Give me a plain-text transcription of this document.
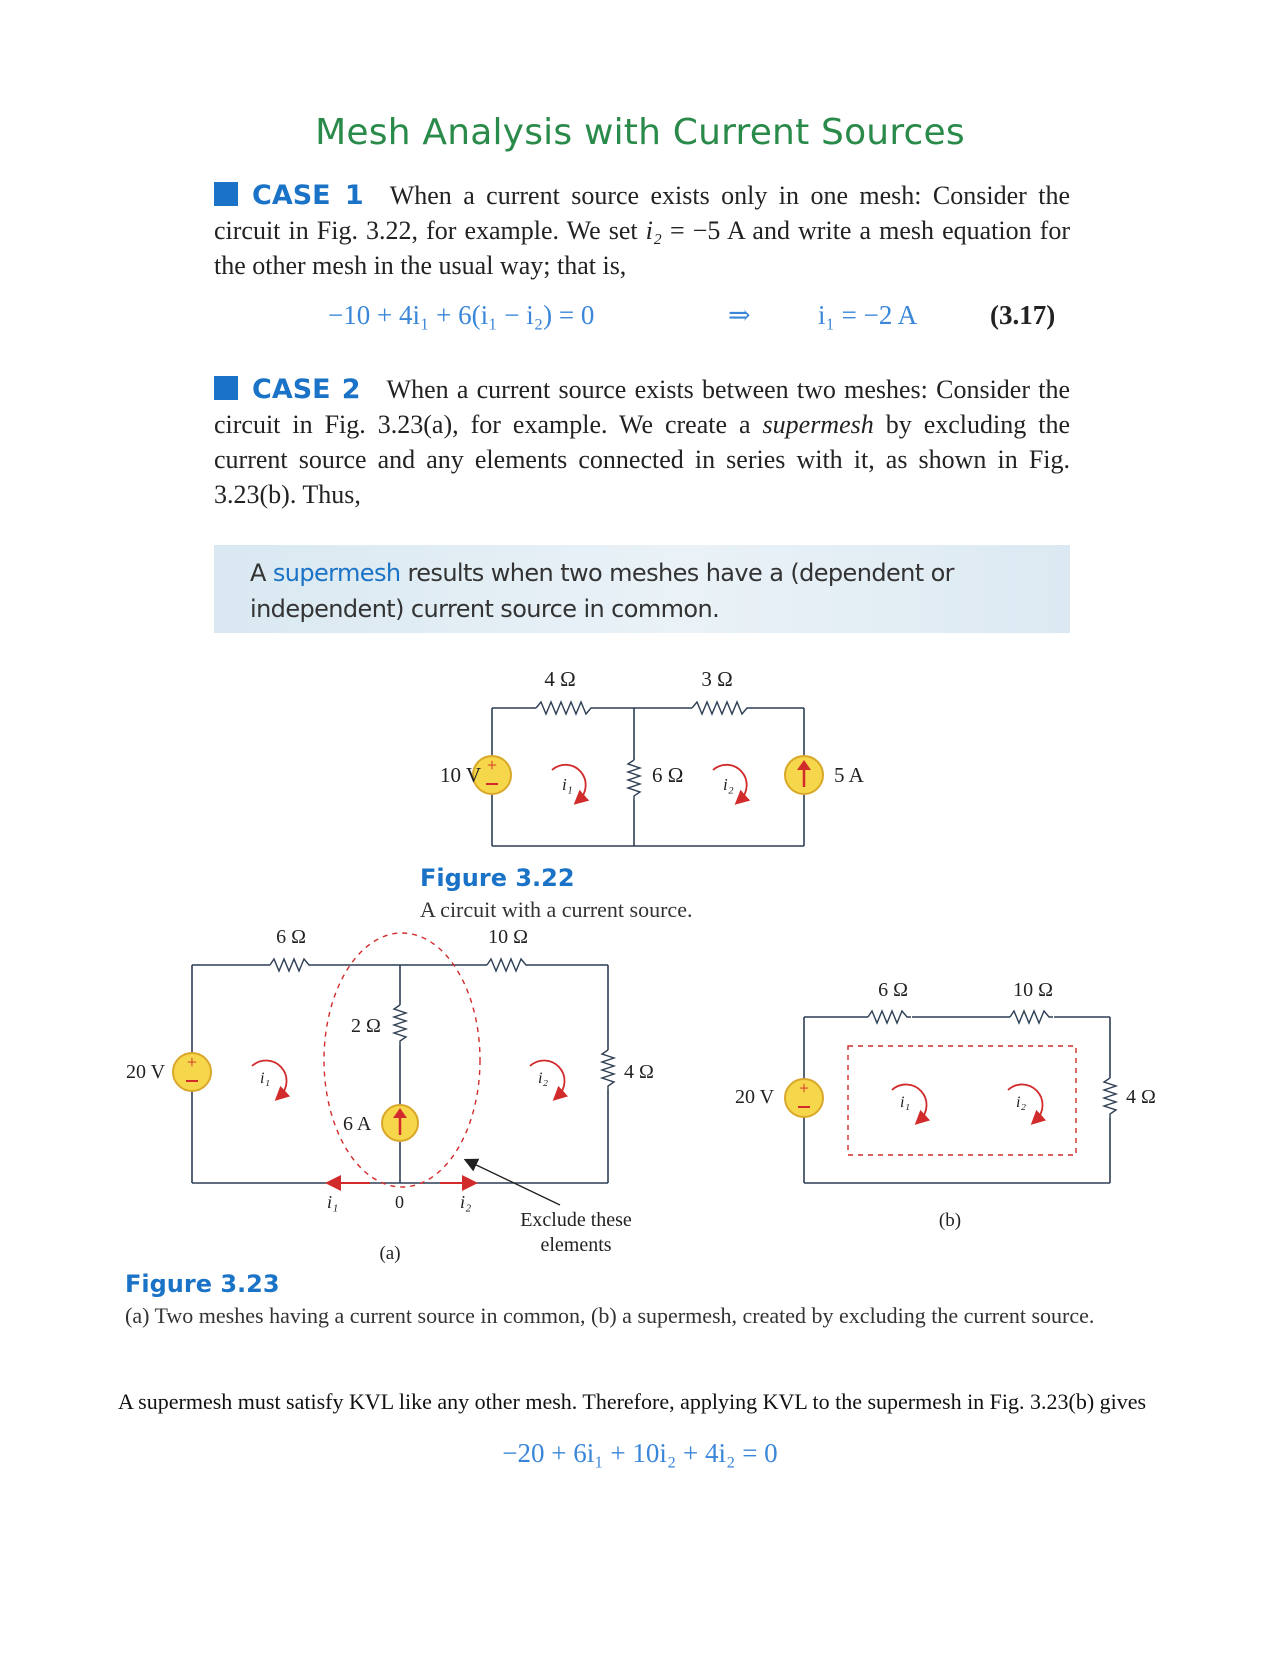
Mesh Analysis with Current Sources
CASE 1 When a current source exists only in one mesh: Consider the circuit in Fig. 3.22, for example. We set i₂ = −5 A and write a mesh equation for the other mesh in the usual way; that is,
−10 + 4i₁ + 6(i₁ − i₂) = 0	⇒ i₁ = −2 A	(3.17)
CASE 2 When a current source exists between two meshes: Consider the circuit in Fig. 3.23(a), for example. We create a supermesh by excluding the current source and any elements connected in series with it, as shown in Fig. 3.23(b). Thus,
A supermesh results when two meshes have a (dependent or independent) current source in common.
+
4 Ω	3 Ω
10 V	6 Ω	5 A
i₁	i₂
Figure 3.22
A circuit with a current source.
+
6 Ω	10 Ω
2 Ω
4 Ω
20 V
6 A
i₁	i₂
i₁	0	i₂
Exclude these
elements
(a)
+
6 Ω	10 Ω
4 Ω
20 V	i₁	i₂
(b)
Figure 3.23
(a) Two meshes having a current source in common, (b) a supermesh, created by excluding the current source.
A supermesh must satisfy KVL like any other mesh. Therefore, applying KVL to the supermesh in Fig. 3.23(b) gives
−20 + 6i₁ + 10i₂ + 4i₂ = 0
